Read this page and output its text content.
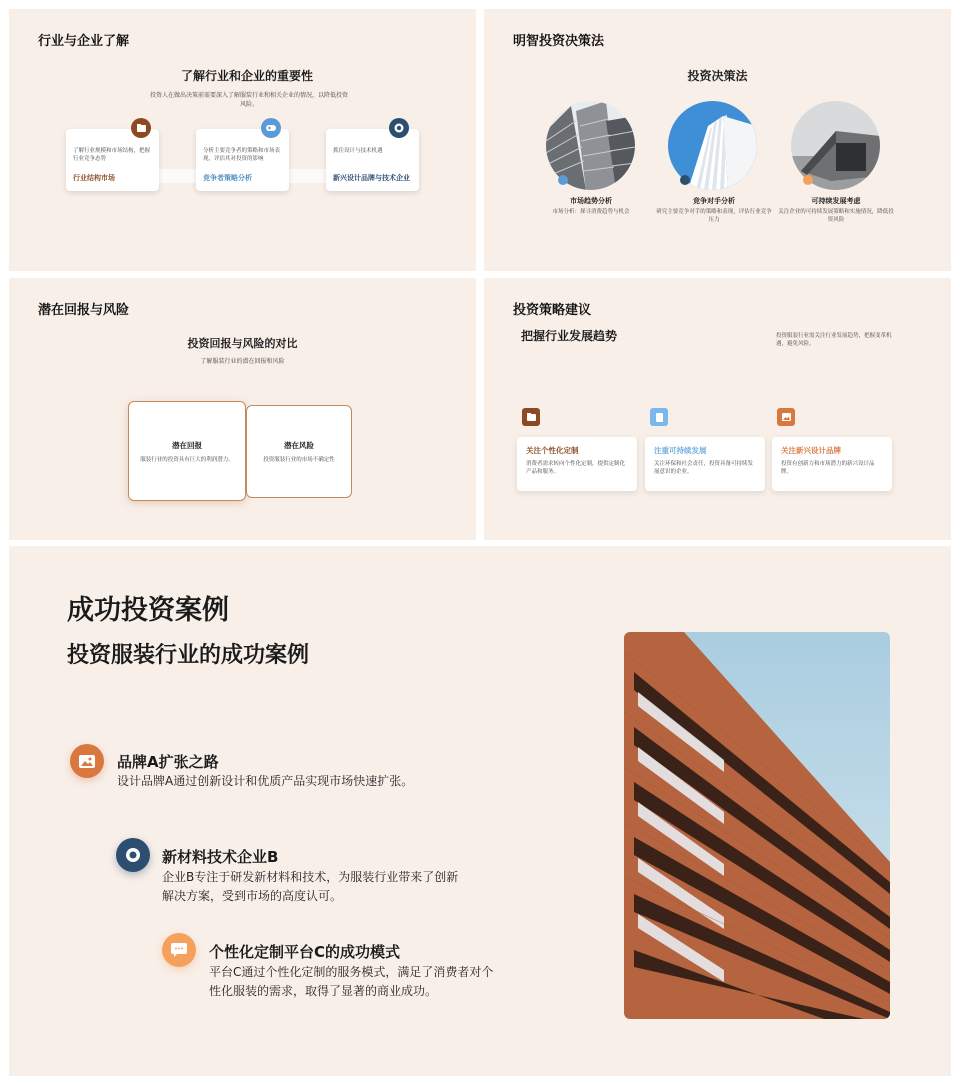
行业与企业了解
了解行业和企业的重要性
投资人在做出决策前需要深入了解服装行业和相关企业的情况，以降低投资风险。
了解行业规模和市场结构，把握行业竞争态势
行业结构市场
分析主要竞争者的策略和市场表现，评估其对投资的影响
竞争者策略分析
抓住设计与技术机遇
新兴设计品牌与技术企业
明智投资决策法
投资决策法
市场趋势分析
市场分析：探寻消费趋势与机会
竞争对手分析
研究主要竞争对手的策略和表现，评估行业竞争压力
可持续发展考虑
关注企业的可持续发展策略和实施情况，降低投资风险
潜在回报与风险
投资回报与风险的对比
了解服装行业的潜在回报和风险
潜在回报
服装行业的投资具有巨大的利润潜力。
潜在风险
投资服装行业的市场不确定性
投资策略建议
把握行业发展趋势	投资服装行业需关注行业发展趋势，把握变革机遇，避免风险。
关注个性化定制
消费者需求转向个性化定制，提供定制化产品和服务。
注重可持续发展
关注环保和社会责任，投资具备可持续发展意识的企业。
关注新兴设计品牌
投资有创新力和市场潜力的新兴设计品牌。
成功投资案例
投资服装行业的成功案例
品牌A扩张之路
设计品牌A通过创新设计和优质产品实现市场快速扩张。
新材料技术企业B
企业B专注于研发新材料和技术，为服装行业带来了创新解决方案，受到市场的高度认可。
个性化定制平台C的成功模式
平台C通过个性化定制的服务模式，满足了消费者对个性化服装的需求，取得了显著的商业成功。
